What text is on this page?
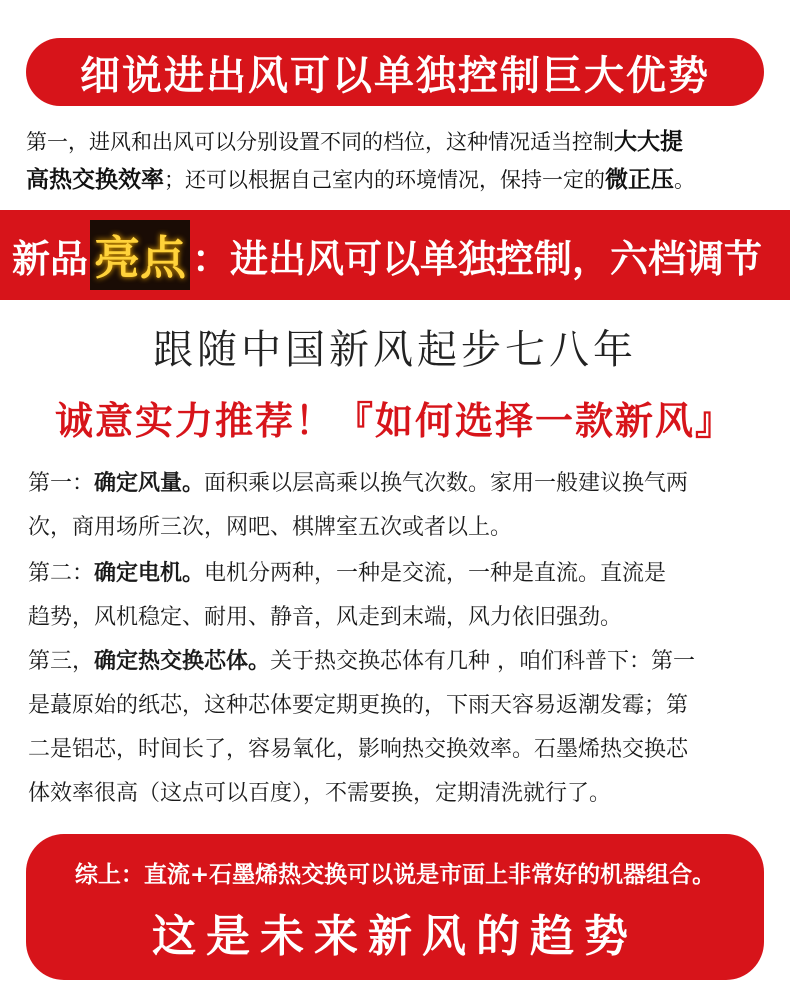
细说进出风可以单独控制巨大优势
第一，进风和出风可以分别设置不同的档位，这种情况适当控制大大提
高热交换效率；还可以根据自己室内的环境情况，保持一定的微正压。
新品 亮点 ：进出风可以单独控制，六档调节
跟随中国新风起步七八年
诚意实力推荐！『如何选择一款新风』
第一：确定风量。面积乘以层高乘以换气次数。家用一般建议换气两
次，商用场所三次，网吧、棋牌室五次或者以上。
第二：确定电机。电机分两种，一种是交流，一种是直流。直流是
趋势，风机稳定、耐用、静音，风走到末端，风力依旧强劲。
第三，确定热交换芯体。关于热交换芯体有几种 ，咱们科普下：第一
是蕞原始的纸芯，这种芯体要定期更换的，下雨天容易返潮发霉；第
二是铝芯，时间长了，容易氧化，影响热交换效率。石墨烯热交换芯
体效率很高（这点可以百度），不需要换，定期清洗就行了。
综上：直流+石墨烯热交换可以说是市面上非常好的机器组合。
这是未来新风的趋势
